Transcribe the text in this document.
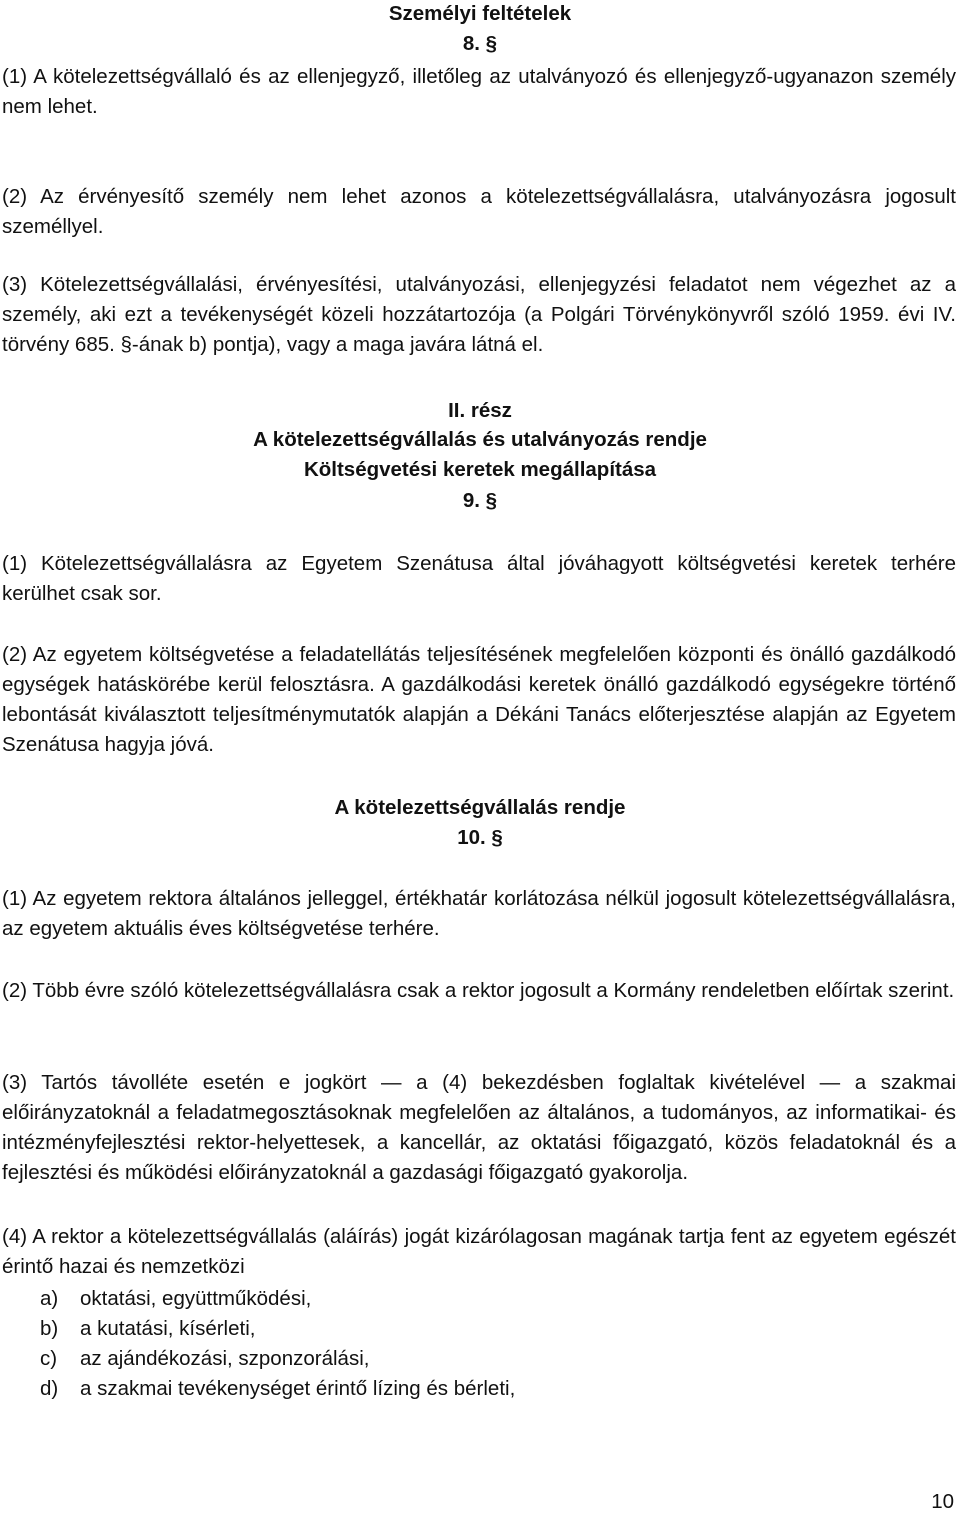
Személyi feltételek
8. §

(1) A kötelezettségvállaló és az ellenjegyző, illetőleg az utalványozó és ellenjegyző-ugyanazon személy nem lehet.

(2) Az érvényesítő személy nem lehet azonos a kötelezettségvállalásra, utalványozásra jogosult személlyel.

(3) Kötelezettségvállalási, érvényesítési, utalványozási, ellenjegyzési feladatot nem végezhet az a személy, aki ezt a tevékenységét közeli hozzátartozója (a Polgári Törvénykönyvről szóló 1959. évi IV. törvény 685. §-ának b) pontja), vagy a maga javára látná el.

II. rész
A kötelezettségvállalás és utalványozás rendje
Költségvetési keretek megállapítása
9. §

(1) Kötelezettségvállalásra az Egyetem Szenátusa által jóváhagyott költségvetési keretek terhére kerülhet csak sor.

(2) Az egyetem költségvetése a feladatellátás teljesítésének megfelelően központi és önálló gazdálkodó egységek hatáskörébe kerül felosztásra. A gazdálkodási keretek önálló gazdálkodó egységekre történő lebontását kiválasztott teljesítménymutatók alapján a Dékáni Tanács előterjesztése alapján az Egyetem Szenátusa hagyja jóvá.

A kötelezettségvállalás rendje
10. §

(1) Az egyetem rektora általános jelleggel, értékhatár korlátozása nélkül jogosult kötelezettségvállalásra, az egyetem aktuális éves költségvetése terhére.

(2) Több évre szóló kötelezettségvállalásra csak a rektor jogosult a Kormány rendeletben előírtak szerint.

(3) Tartós távolléte esetén e jogkört — a (4) bekezdésben foglaltak kivételével — a szakmai előirányzatoknál a feladatmegosztásoknak megfelelően az általános, a tudományos, az informatikai- és intézményfejlesztési rektor-helyettesek, a kancellár, az oktatási főigazgató, közös feladatoknál és a fejlesztési és működési előirányzatoknál a gazdasági főigazgató gyakorolja.

(4) A rektor a kötelezettségvállalás (aláírás) jogát kizárólagosan magának tartja fent az egyetem egészét érintő hazai és nemzetközi

a) oktatási, együttműködési,
b) a kutatási, kísérleti,
c) az ajándékozási, szponzorálási,
d) a szakmai tevékenységet érintő lízing és bérleti,
10
